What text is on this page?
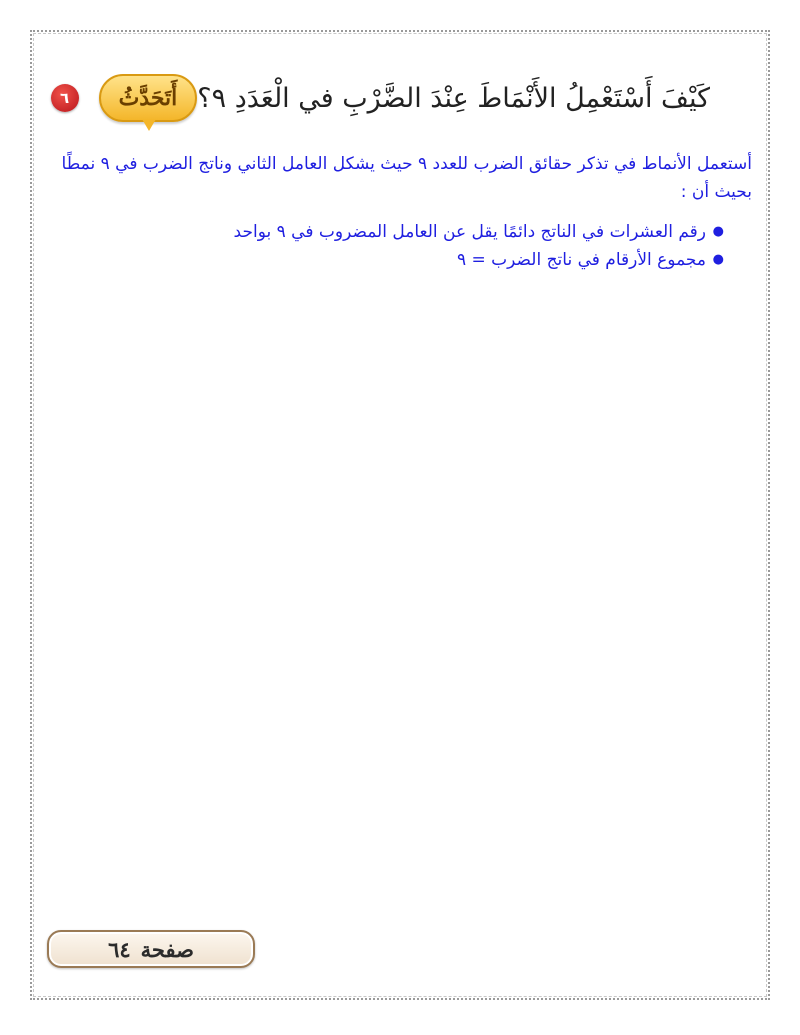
٦	أَتَحَدَّثُ كَيْفَ أَسْتَعْمِلُ الأَنْمَاطَ عِنْدَ الضَّرْبِ في الْعَدَدِ ٩؟

أستعمل الأنماط في تذكر حقائق الضرب للعدد ٩ حيث يشكل العامل الثاني وناتج الضرب في ٩ نمطًا بحيث أن :

● رقم العشرات في الناتج دائمًا يقل عن العامل المضروب في ٩ بواحد
● مجموع الأرقام في ناتج الضرب = ٩
صفحة
٦٤
